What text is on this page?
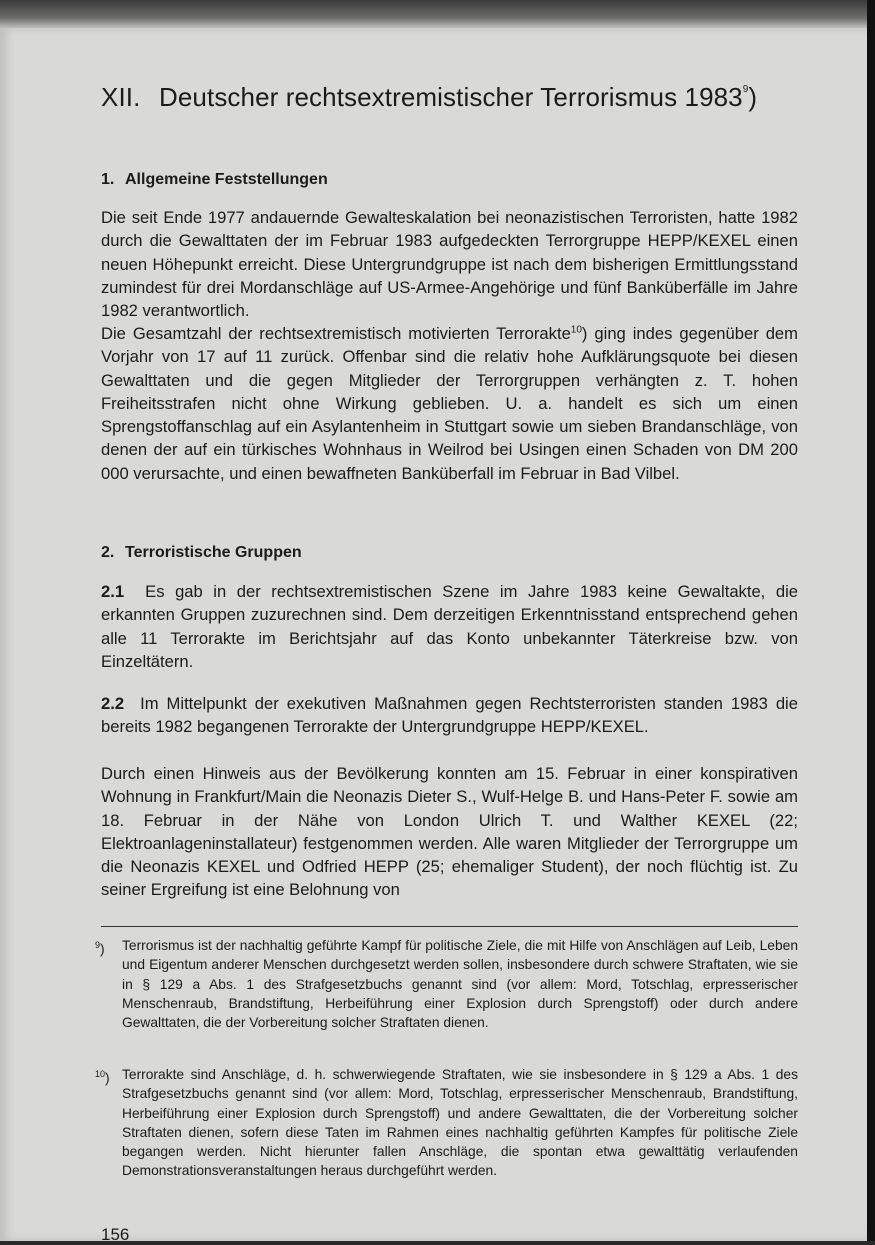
XII. Deutscher rechtsextremistischer Terrorismus 1983$^9$)
1. Allgemeine Feststellungen

Die seit Ende 1977 andauernde Gewalteskalation bei neonazistischen Terroristen, hatte 1982 durch die Gewalttaten der im Februar 1983 aufgedeckten Terrorgruppe HEPP/KEXEL einen neuen Höhepunkt erreicht. Diese Untergrundgruppe ist nach dem bisherigen Ermittlungsstand zumindest für drei Mordanschläge auf US-Armee-Angehörige und fünf Banküberfälle im Jahre 1982 verantwortlich.

Die Gesamtzahl der rechtsextremistisch motivierten Terrorakte$^{10}$) ging indes gegenüber dem Vorjahr von 17 auf 11 zurück. Offenbar sind die relativ hohe Aufklärungsquote bei diesen Gewalttaten und die gegen Mitglieder der Terrorgruppen verhängten z. T. hohen Freiheitsstrafen nicht ohne Wirkung geblieben. U. a. handelt es sich um einen Sprengstoffanschlag auf ein Asylantenheim in Stuttgart sowie um sieben Brandanschläge, von denen der auf ein türkisches Wohnhaus in Weilrod bei Usingen einen Schaden von DM 200 000 verursachte, und einen bewaffneten Banküberfall im Februar in Bad Vilbel.

2. Terroristische Gruppen

2.1 Es gab in der rechtsextremistischen Szene im Jahre 1983 keine Gewaltakte, die erkannten Gruppen zuzurechnen sind. Dem derzeitigen Erkenntnisstand entsprechend gehen alle 11 Terrorakte im Berichtsjahr auf das Konto unbekannter Täterkreise bzw. von Einzeltätern.

2.2 Im Mittelpunkt der exekutiven Maßnahmen gegen Rechtsterroristen standen 1983 die bereits 1982 begangenen Terrorakte der Untergrundgruppe HEPP/KEXEL.

Durch einen Hinweis aus der Bevölkerung konnten am 15. Februar in einer konspirativen Wohnung in Frankfurt/Main die Neonazis Dieter S., Wulf-Helge B. und Hans-Peter F. sowie am 18. Februar in der Nähe von London Ulrich T. und Walther KEXEL (22; Elektroanlageninstallateur) festgenommen werden. Alle waren Mitglieder der Terrorgruppe um die Neonazis KEXEL und Odfried HEPP (25; ehemaliger Student), der noch flüchtig ist. Zu seiner Ergreifung ist eine Belohnung von

$^9$)	Terrorismus ist der nachhaltig geführte Kampf für politische Ziele, die mit Hilfe von Anschlägen auf Leib, Leben und Eigentum anderer Menschen durchgesetzt werden sollen, insbesondere durch schwere Straftaten, wie sie in § 129 a Abs. 1 des Strafgesetzbuchs genannt sind (vor allem: Mord, Totschlag, erpresserischer Menschenraub, Brandstiftung, Herbeiführung einer Explosion durch Sprengstoff) oder durch andere Gewalttaten, die der Vorbereitung solcher Straftaten dienen.
$^{10}$) Terrorakte sind Anschläge, d. h. schwerwiegende Straftaten, wie sie insbesondere in § 129 a Abs. 1 des Strafgesetzbuchs genannt sind (vor allem: Mord, Totschlag, erpresserischer Menschenraub, Brandstiftung, Herbeiführung einer Explosion durch Sprengstoff) und andere Gewalttaten, die der Vorbereitung solcher Straftaten dienen, sofern diese Taten im Rahmen eines nachhaltig geführten Kampfes für politische Ziele begangen werden. Nicht hierunter fallen Anschläge, die spontan etwa gewalttätig verlaufenden Demonstrationsveranstaltungen heraus durchgeführt werden.
156
